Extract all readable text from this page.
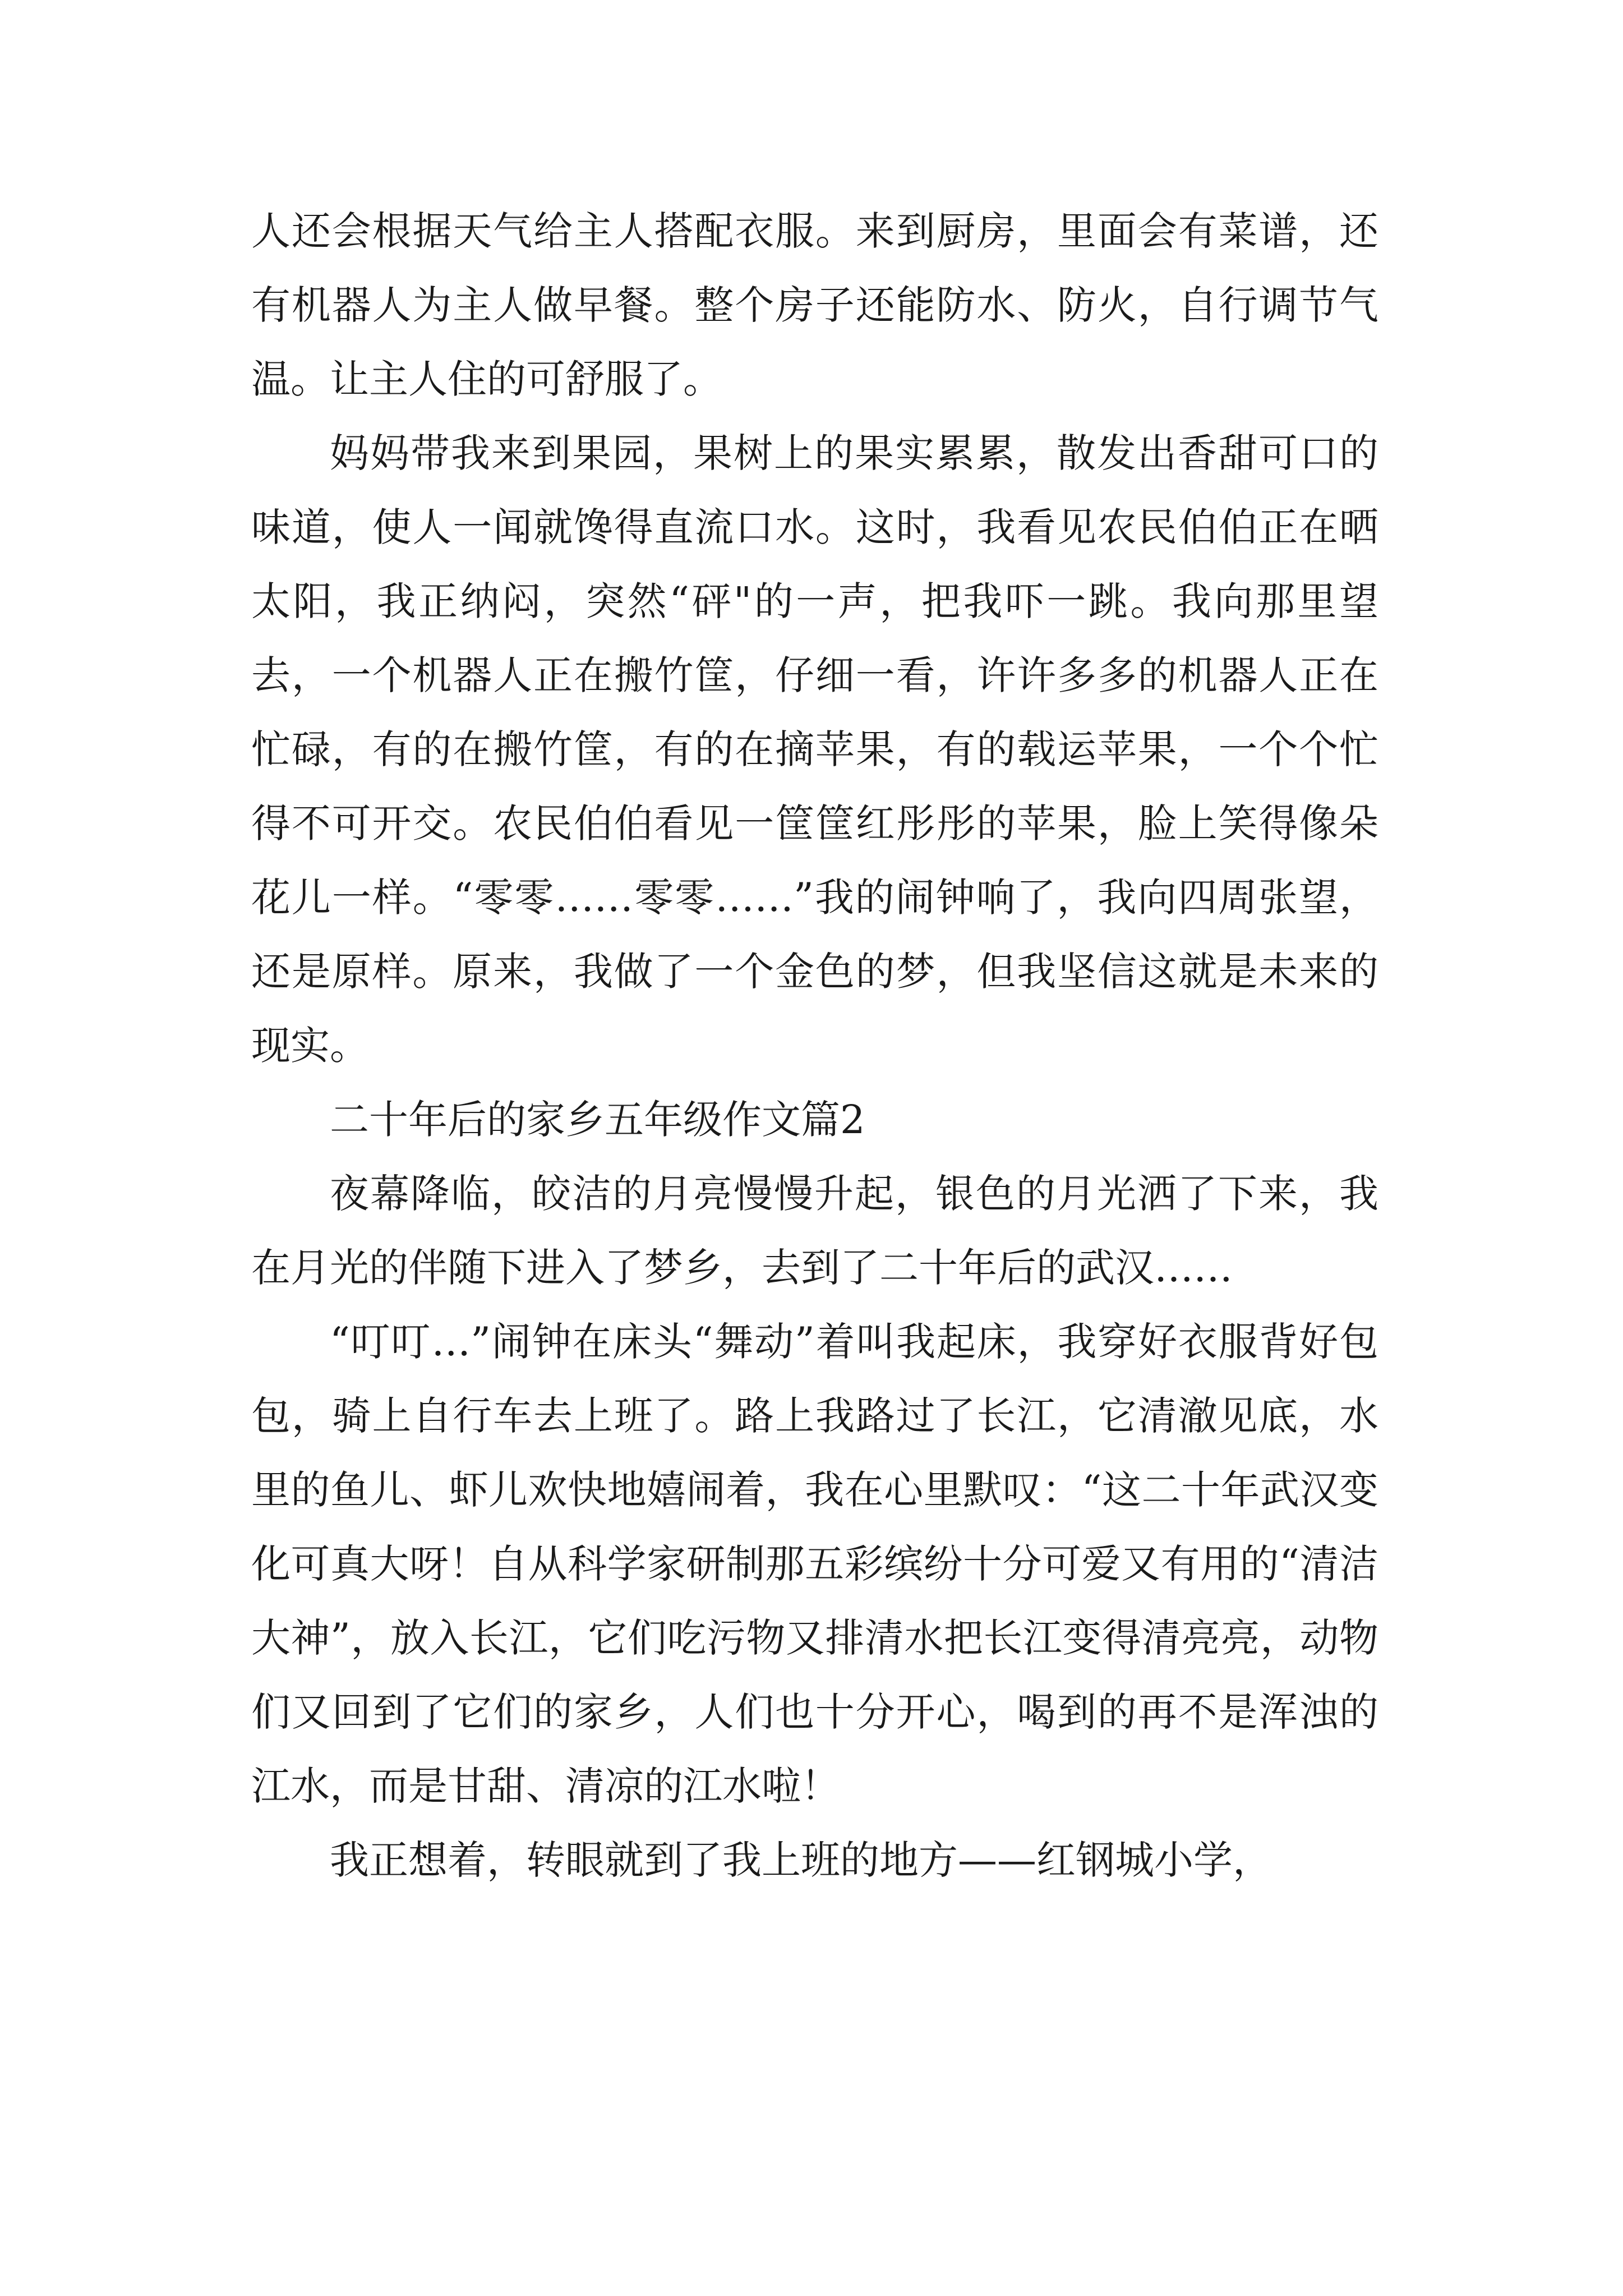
人还会根据天气给主人搭配衣服。来到厨房，里面会有菜谱，还有机器人为主人做早餐。整个房子还能防水、防火，自行调节气温。让主人住的可舒服了。

妈妈带我来到果园，果树上的果实累累，散发出香甜可口的味道，使人一闻就馋得直流口水。这时，我看见农民伯伯正在晒太阳，我正纳闷，突然“砰"的一声，把我吓一跳。我向那里望去，一个机器人正在搬竹筐，仔细一看，许许多多的机器人正在忙碌，有的在搬竹筐，有的在摘苹果，有的载运苹果，一个个忙得不可开交。农民伯伯看见一筐筐红彤彤的苹果，脸上笑得像朵花儿一样。“零零……零零……”我的闹钟响了，我向四周张望，还是原样。原来，我做了一个金色的梦，但我坚信这就是未来的现实。

二十年后的家乡五年级作文篇2

夜幕降临，皎洁的月亮慢慢升起，银色的月光洒了下来，我在月光的伴随下进入了梦乡，去到了二十年后的武汉……

“叮叮…”闹钟在床头“舞动”着叫我起床，我穿好衣服背好包包，骑上自行车去上班了。路上我路过了长江，它清澈见底，水里的鱼儿、虾儿欢快地嬉闹着，我在心里默叹：“这二十年武汉变化可真大呀！自从科学家研制那五彩缤纷十分可爱又有用的“清洁大神”，放入长江，它们吃污物又排清水把长江变得清亮亮，动物们又回到了它们的家乡，人们也十分开心，喝到的再不是浑浊的江水，而是甘甜、清凉的江水啦！

我正想着，转眼就到了我上班的地方——红钢城小学，
